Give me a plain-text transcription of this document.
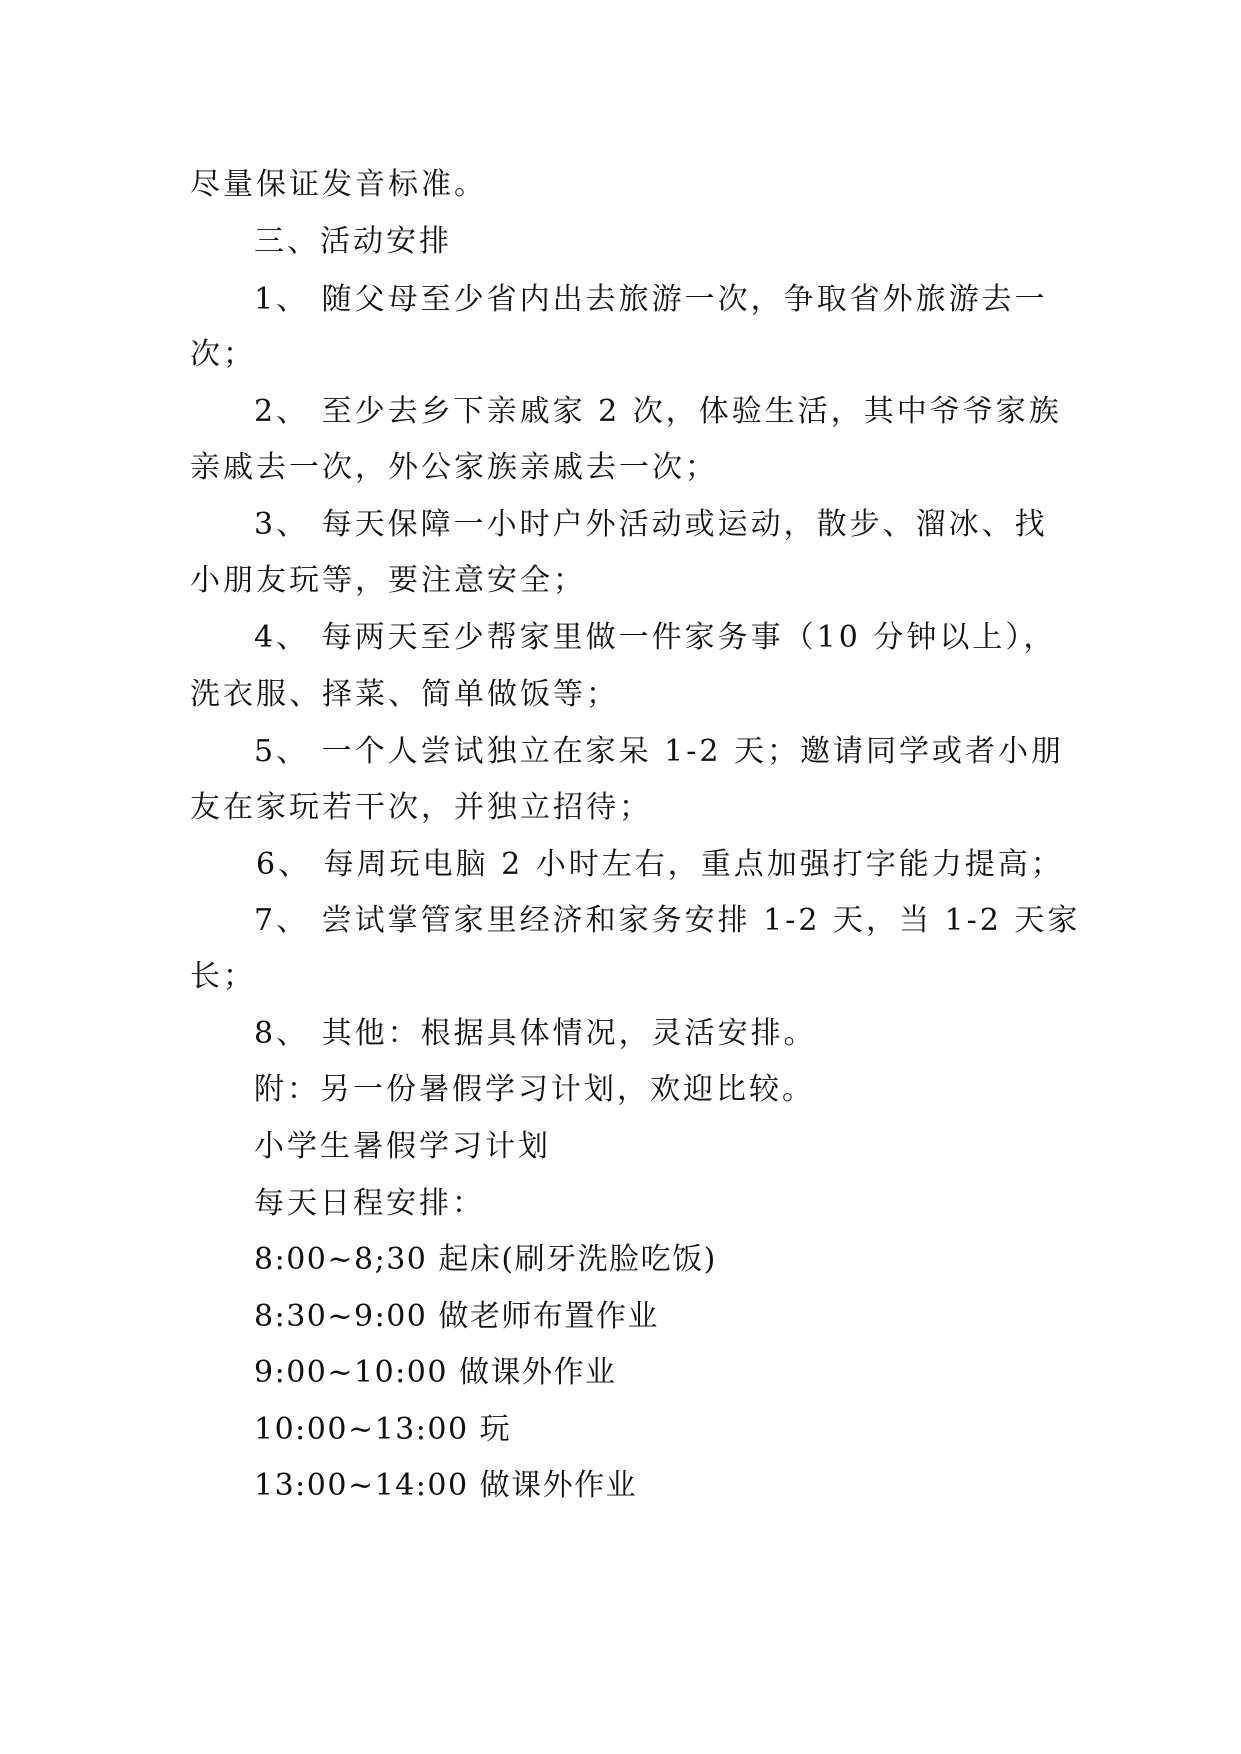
尽量保证发音标准。
三、活动安排
1、 随父母至少省内出去旅游一次，争取省外旅游去一
次；
2、 至少去乡下亲戚家 2 次，体验生活，其中爷爷家族
亲戚去一次，外公家族亲戚去一次；
3、 每天保障一小时户外活动或运动，散步、溜冰、找
小朋友玩等，要注意安全；
4、 每两天至少帮家里做一件家务事（10 分钟以上），
洗衣服、择菜、简单做饭等；
5、 一个人尝试独立在家呆 1-2 天；邀请同学或者小朋
友在家玩若干次，并独立招待；
6、 每周玩电脑 2 小时左右，重点加强打字能力提高；
7、 尝试掌管家里经济和家务安排 1-2 天，当 1-2 天家
长；
8、 其他：根据具体情况，灵活安排。
附：另一份暑假学习计划，欢迎比较。
小学生暑假学习计划
每天日程安排：
8:00~8;30 起床(刷牙洗脸吃饭)
8:30~9:00 做老师布置作业
9:00~10:00 做课外作业
10:00~13:00 玩
13:00~14:00 做课外作业
